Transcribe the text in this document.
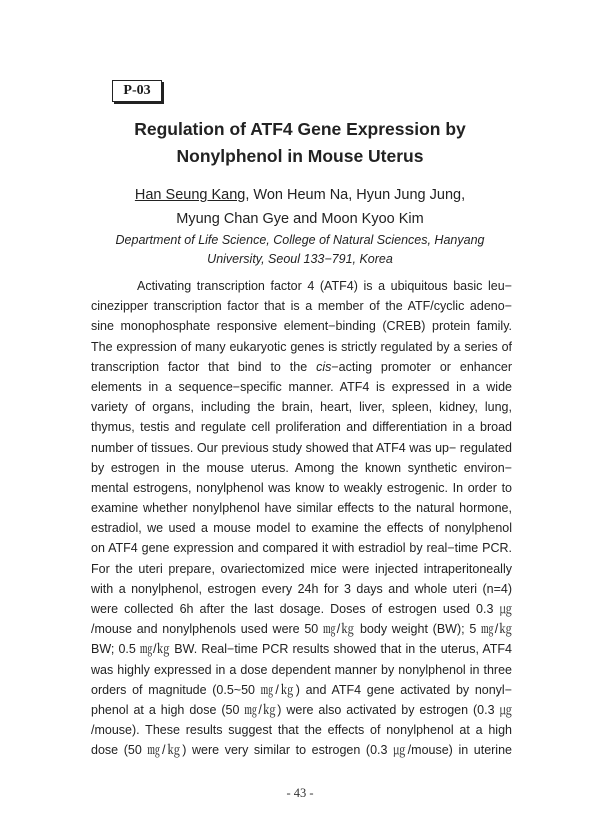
P-03
Regulation of ATF4 Gene Expression by
Nonylphenol in Mouse Uterus
Han Seung Kang, Won Heum Na, Hyun Jung Jung,
Myung Chan Gye and Moon Kyoo Kim
Department of Life Science, College of Natural Sciences, Hanyang
University, Seoul 133−791, Korea
Activating transcription factor 4 (ATF4) is a ubiquitous basic leu−
cinezipper transcription factor that is a member of the ATF/cyclic adeno−
sine monophosphate responsive element−binding (CREB) protein family.
The expression of many eukaryotic genes is strictly regulated by a series of
transcription factor that bind to the cis−acting promoter or enhancer
elements in a sequence−specific manner. ATF4 is expressed in a wide
variety of organs, including the brain, heart, liver, spleen, kidney, lung,
thymus, testis and regulate cell proliferation and differentiation in a broad
number of tissues. Our previous study showed that ATF4 was up− regulated
by estrogen in the mouse uterus. Among the known synthetic environ−
mental estrogens, nonylphenol was know to weakly estrogenic. In order to
examine whether nonylphenol have similar effects to the natural hormone,
estradiol, we used a mouse model to examine the effects of nonylphenol
on ATF4 gene expression and compared it with estradiol by real−time PCR.
For the uteri prepare, ovariectomized mice were injected intraperitoneally
with a nonylphenol, estrogen every 24h for 3 days and whole uteri (n=4)
were collected 6h after the last dosage. Doses of estrogen used 0.3 ㎍
/mouse and nonylphenols used were 50 ㎎/㎏ body weight (BW); 5 ㎎/㎏
BW; 0.5 ㎎/㎏ BW. Real−time PCR results showed that in the uterus, ATF4
was highly expressed in a dose dependent manner by nonylphenol in three
orders of magnitude (0.5~50 ㎎/㎏) and ATF4 gene activated by nonyl−
phenol at a high dose (50 ㎎/㎏) were also activated by estrogen (0.3 ㎍
/mouse). These results suggest that the effects of nonylphenol at a high
dose (50 ㎎/㎏) were very similar to estrogen (0.3 ㎍/mouse) in uterine
- 43 -
